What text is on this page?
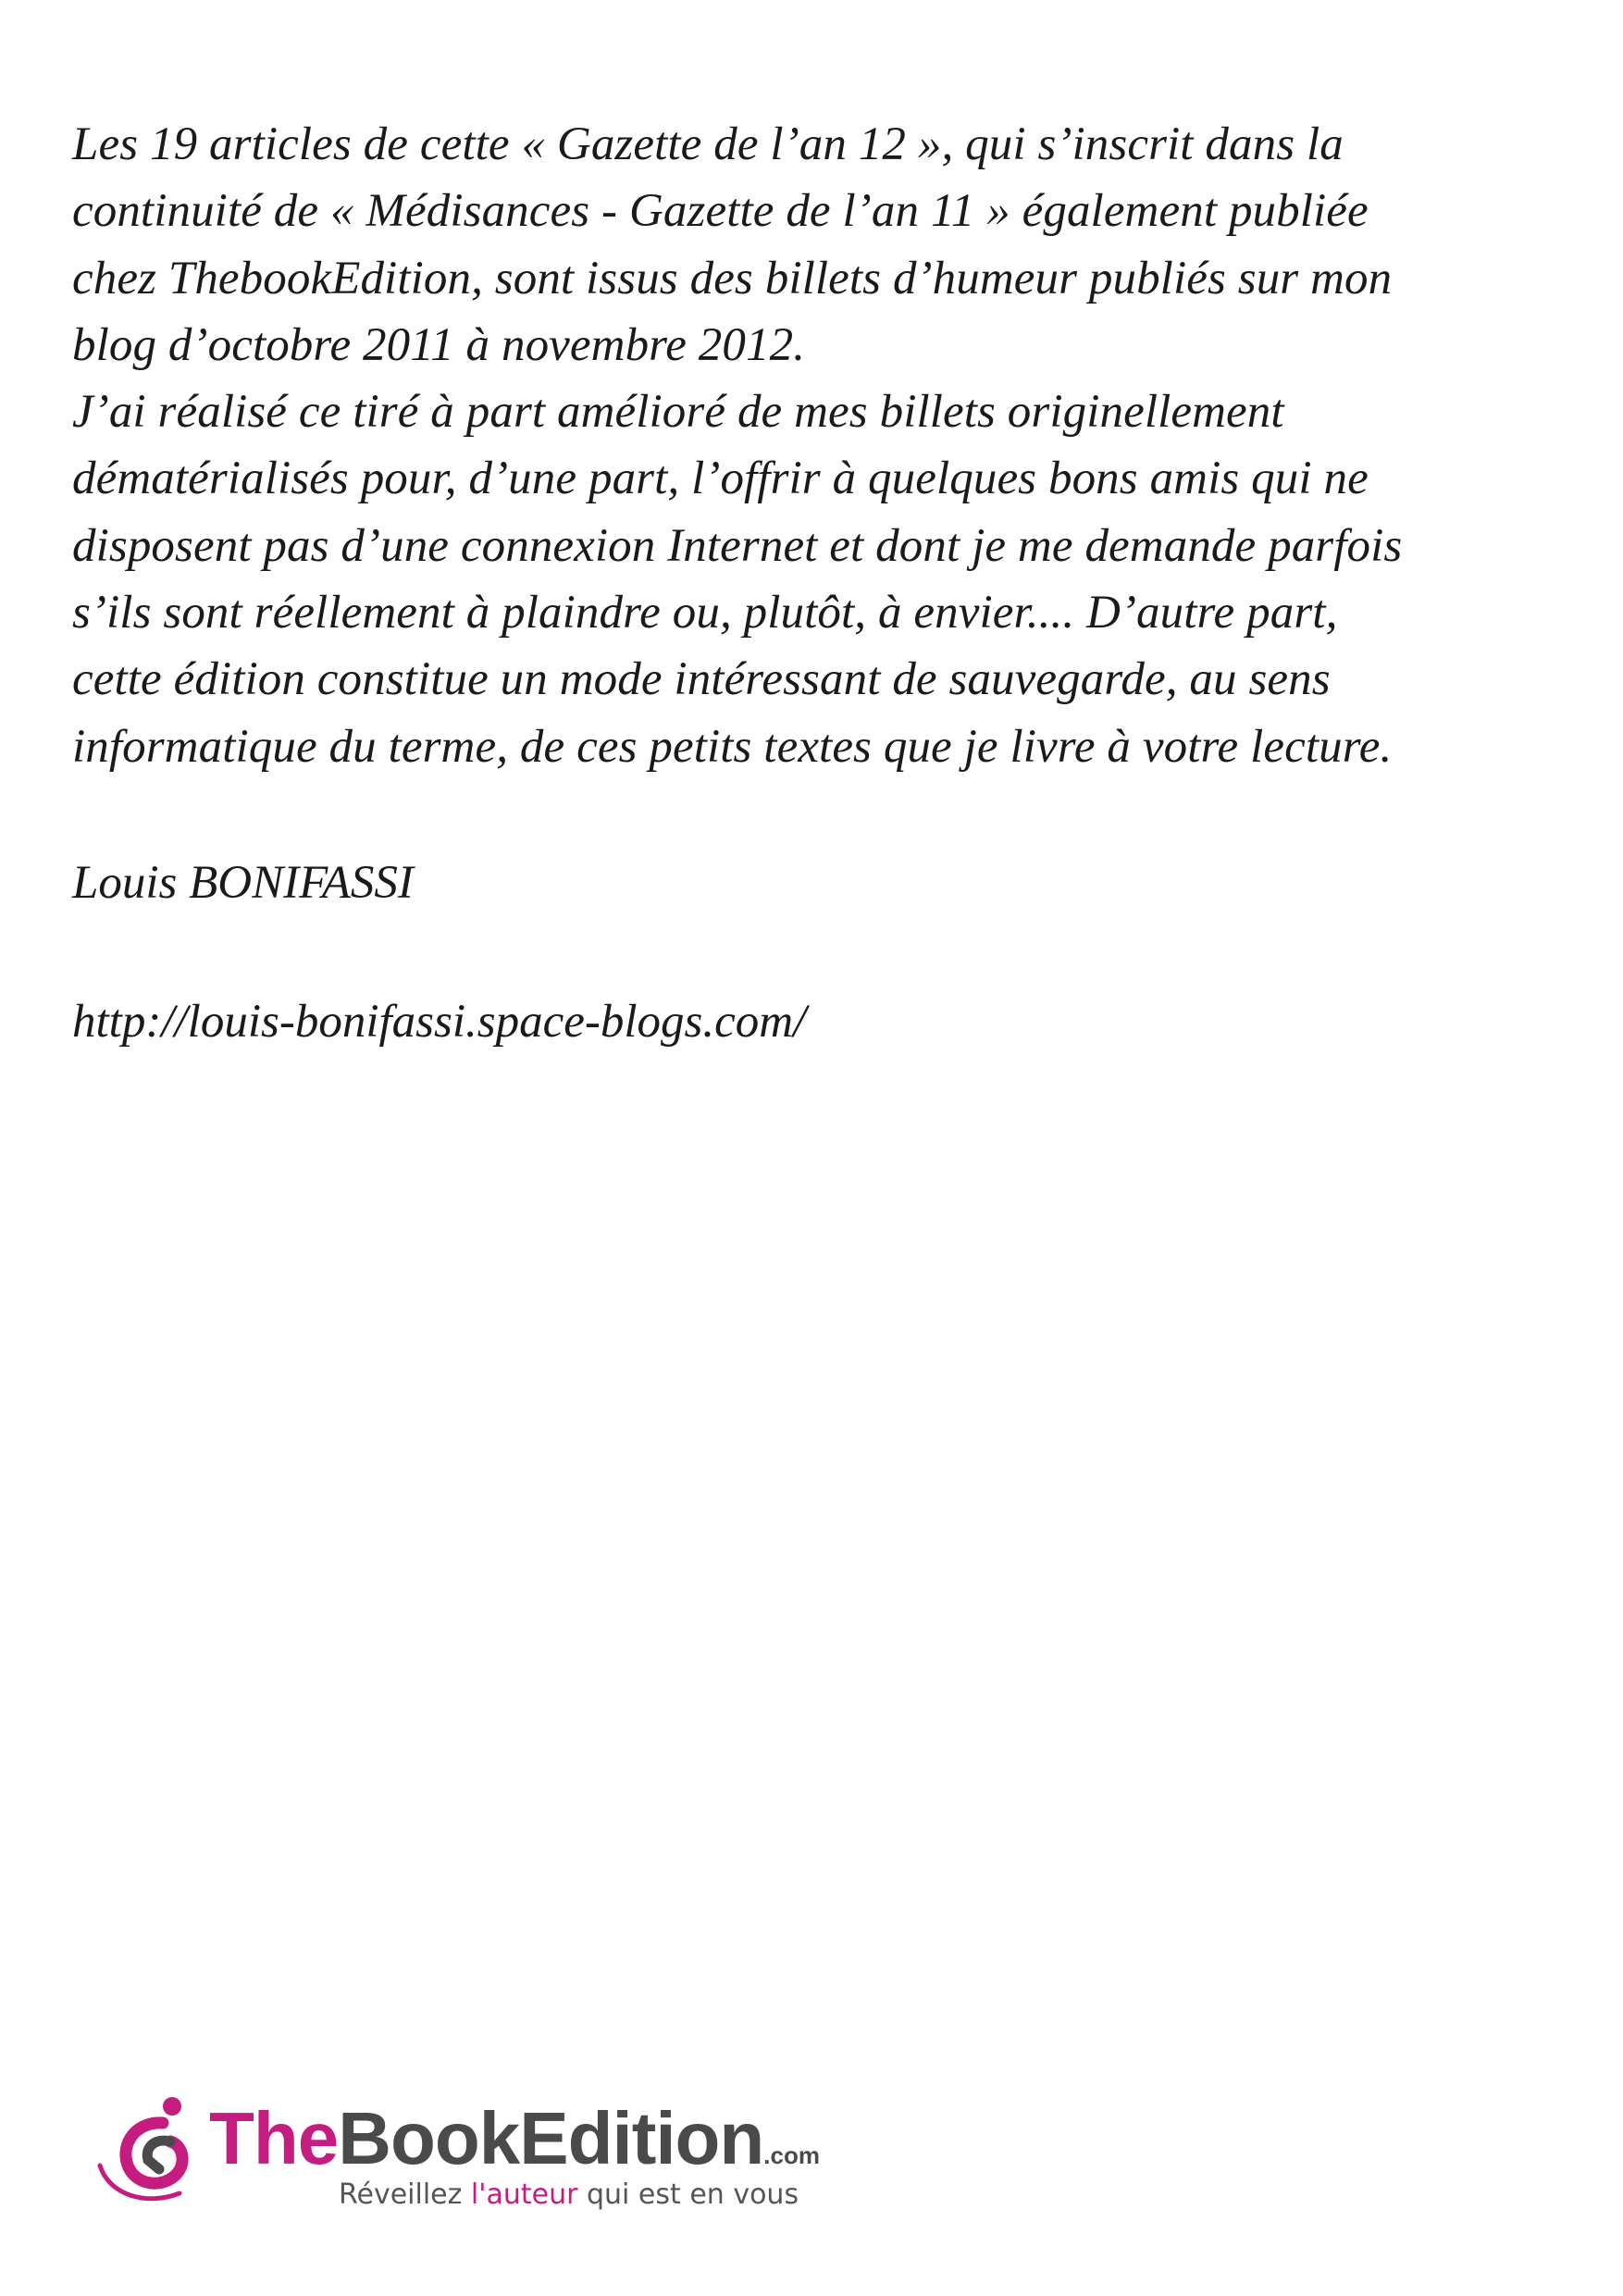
Les 19 articles de cette « Gazette de l’an 12 », qui s’inscrit dans la
continuité de « Médisances - Gazette de l’an 11 » également publiée
chez ThebookEdition, sont issus des billets d’humeur publiés sur mon
blog d’octobre 2011 à novembre 2012.
J’ai réalisé ce tiré à part amélioré de mes billets originellement
dématérialisés pour, d’une part, l’offrir à quelques bons amis qui ne
disposent pas d’une connexion Internet et dont je me demande parfois
s’ils sont réellement à plaindre ou, plutôt, à envier.... D’autre part,
cette édition constitue un mode intéressant de sauvegarde, au sens
informatique du terme, de ces petits textes que je livre à votre lecture.
Louis BONIFASSI
http://louis-bonifassi.space-blogs.com/
TheBookEdition.com
Réveillez l'auteur qui est en vous
